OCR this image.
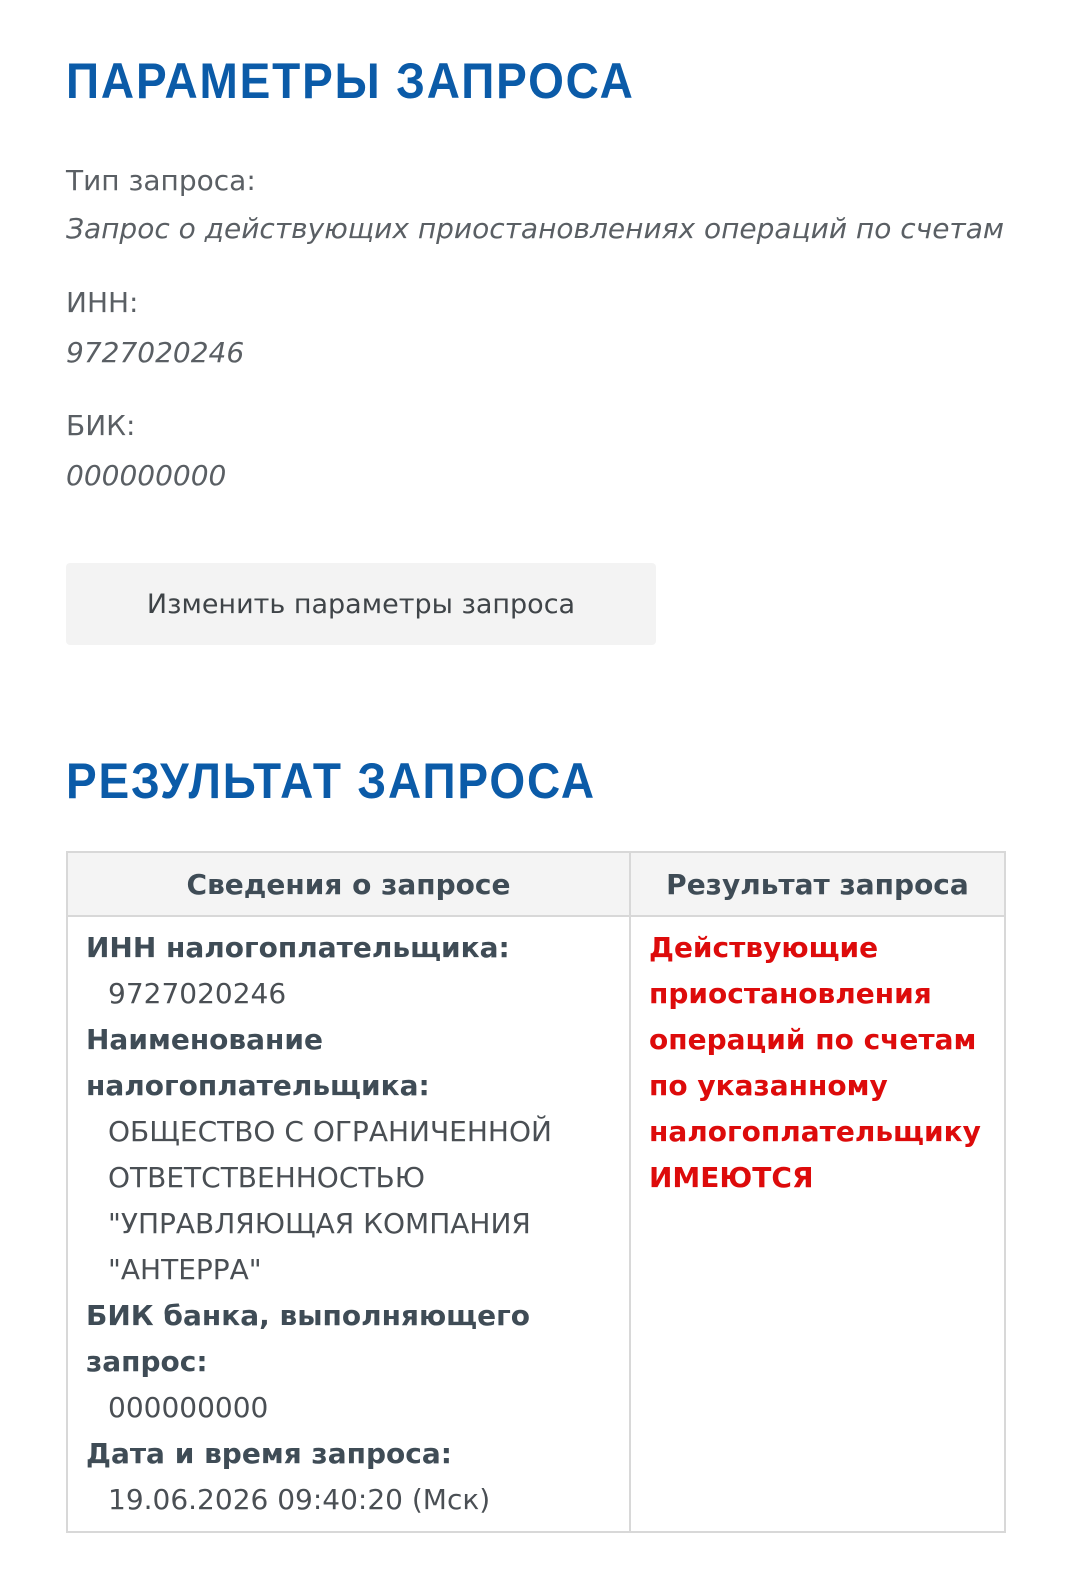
ПАРАМЕТРЫ ЗАПРОСА
Тип запроса:
Запрос о действующих приостановлениях операций по счетам
ИНН:
9727020246
БИК:
000000000
Изменить параметры запроса
РЕЗУЛЬТАТ ЗАПРОСА
Сведения о запросе	Результат запроса
ИНН налогоплательщика:
9727020246
Наименование
налогоплательщика:
ОБЩЕСТВО С ОГРАНИЧЕННОЙ
ОТВЕТСТВЕННОСТЬЮ
"УПРАВЛЯЮЩАЯ КОМПАНИЯ
"АНТЕРРА"
БИК банка, выполняющего
запрос:
000000000
Дата и время запроса:
19.06.2026 09:40:20 (Мск)
Действующие
приостановления
операций по счетам
по указанному
налогоплательщику
ИМЕЮТСЯ
